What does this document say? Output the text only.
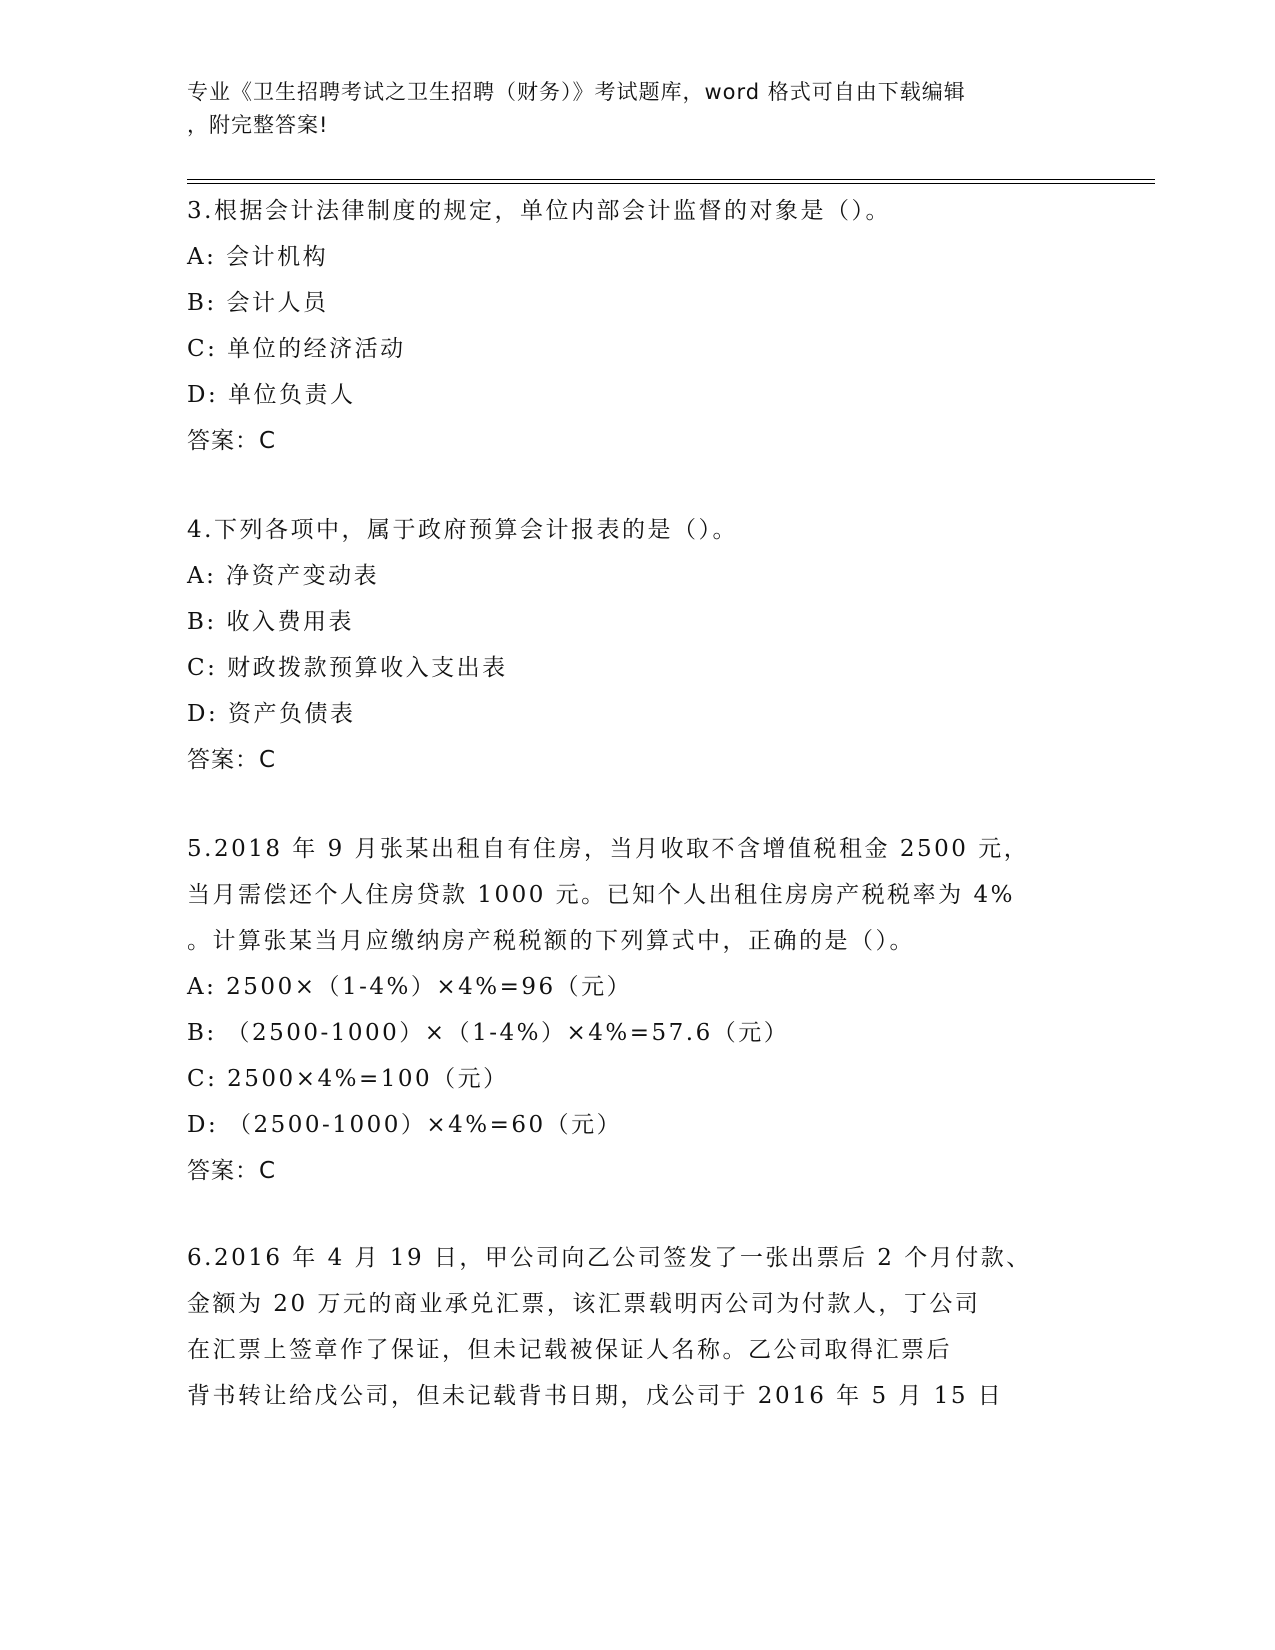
专业《卫生招聘考试之卫生招聘（财务）》考试题库，word 格式可自由下载编辑
，附完整答案!

3.根据会计法律制度的规定，单位内部会计监督的对象是（）。

A: 会计机构

B: 会计人员

C: 单位的经济活动

D: 单位负责人

答案：C

4.下列各项中，属于政府预算会计报表的是（）。

A: 净资产变动表

B: 收入费用表

C: 财政拨款预算收入支出表

D: 资产负债表

答案：C

5.2018 年 9 月张某出租自有住房，当月收取不含增值税租金 2500 元，

当月需偿还个人住房贷款 1000 元。已知个人出租住房房产税税率为 4%

。计算张某当月应缴纳房产税税额的下列算式中，正确的是（）。

A: 2500×（1-4%）×4%=96（元）

B: （2500-1000）×（1-4%）×4%=57.6（元）

C: 2500×4%=100（元）

D: （2500-1000）×4%=60（元）

答案：C

6.2016 年 4 月 19 日，甲公司向乙公司签发了一张出票后 2 个月付款、

金额为 20 万元的商业承兑汇票，该汇票载明丙公司为付款人，丁公司

在汇票上签章作了保证，但未记载被保证人名称。乙公司取得汇票后

背书转让给戊公司，但未记载背书日期，戊公司于 2016 年 5 月 15 日
